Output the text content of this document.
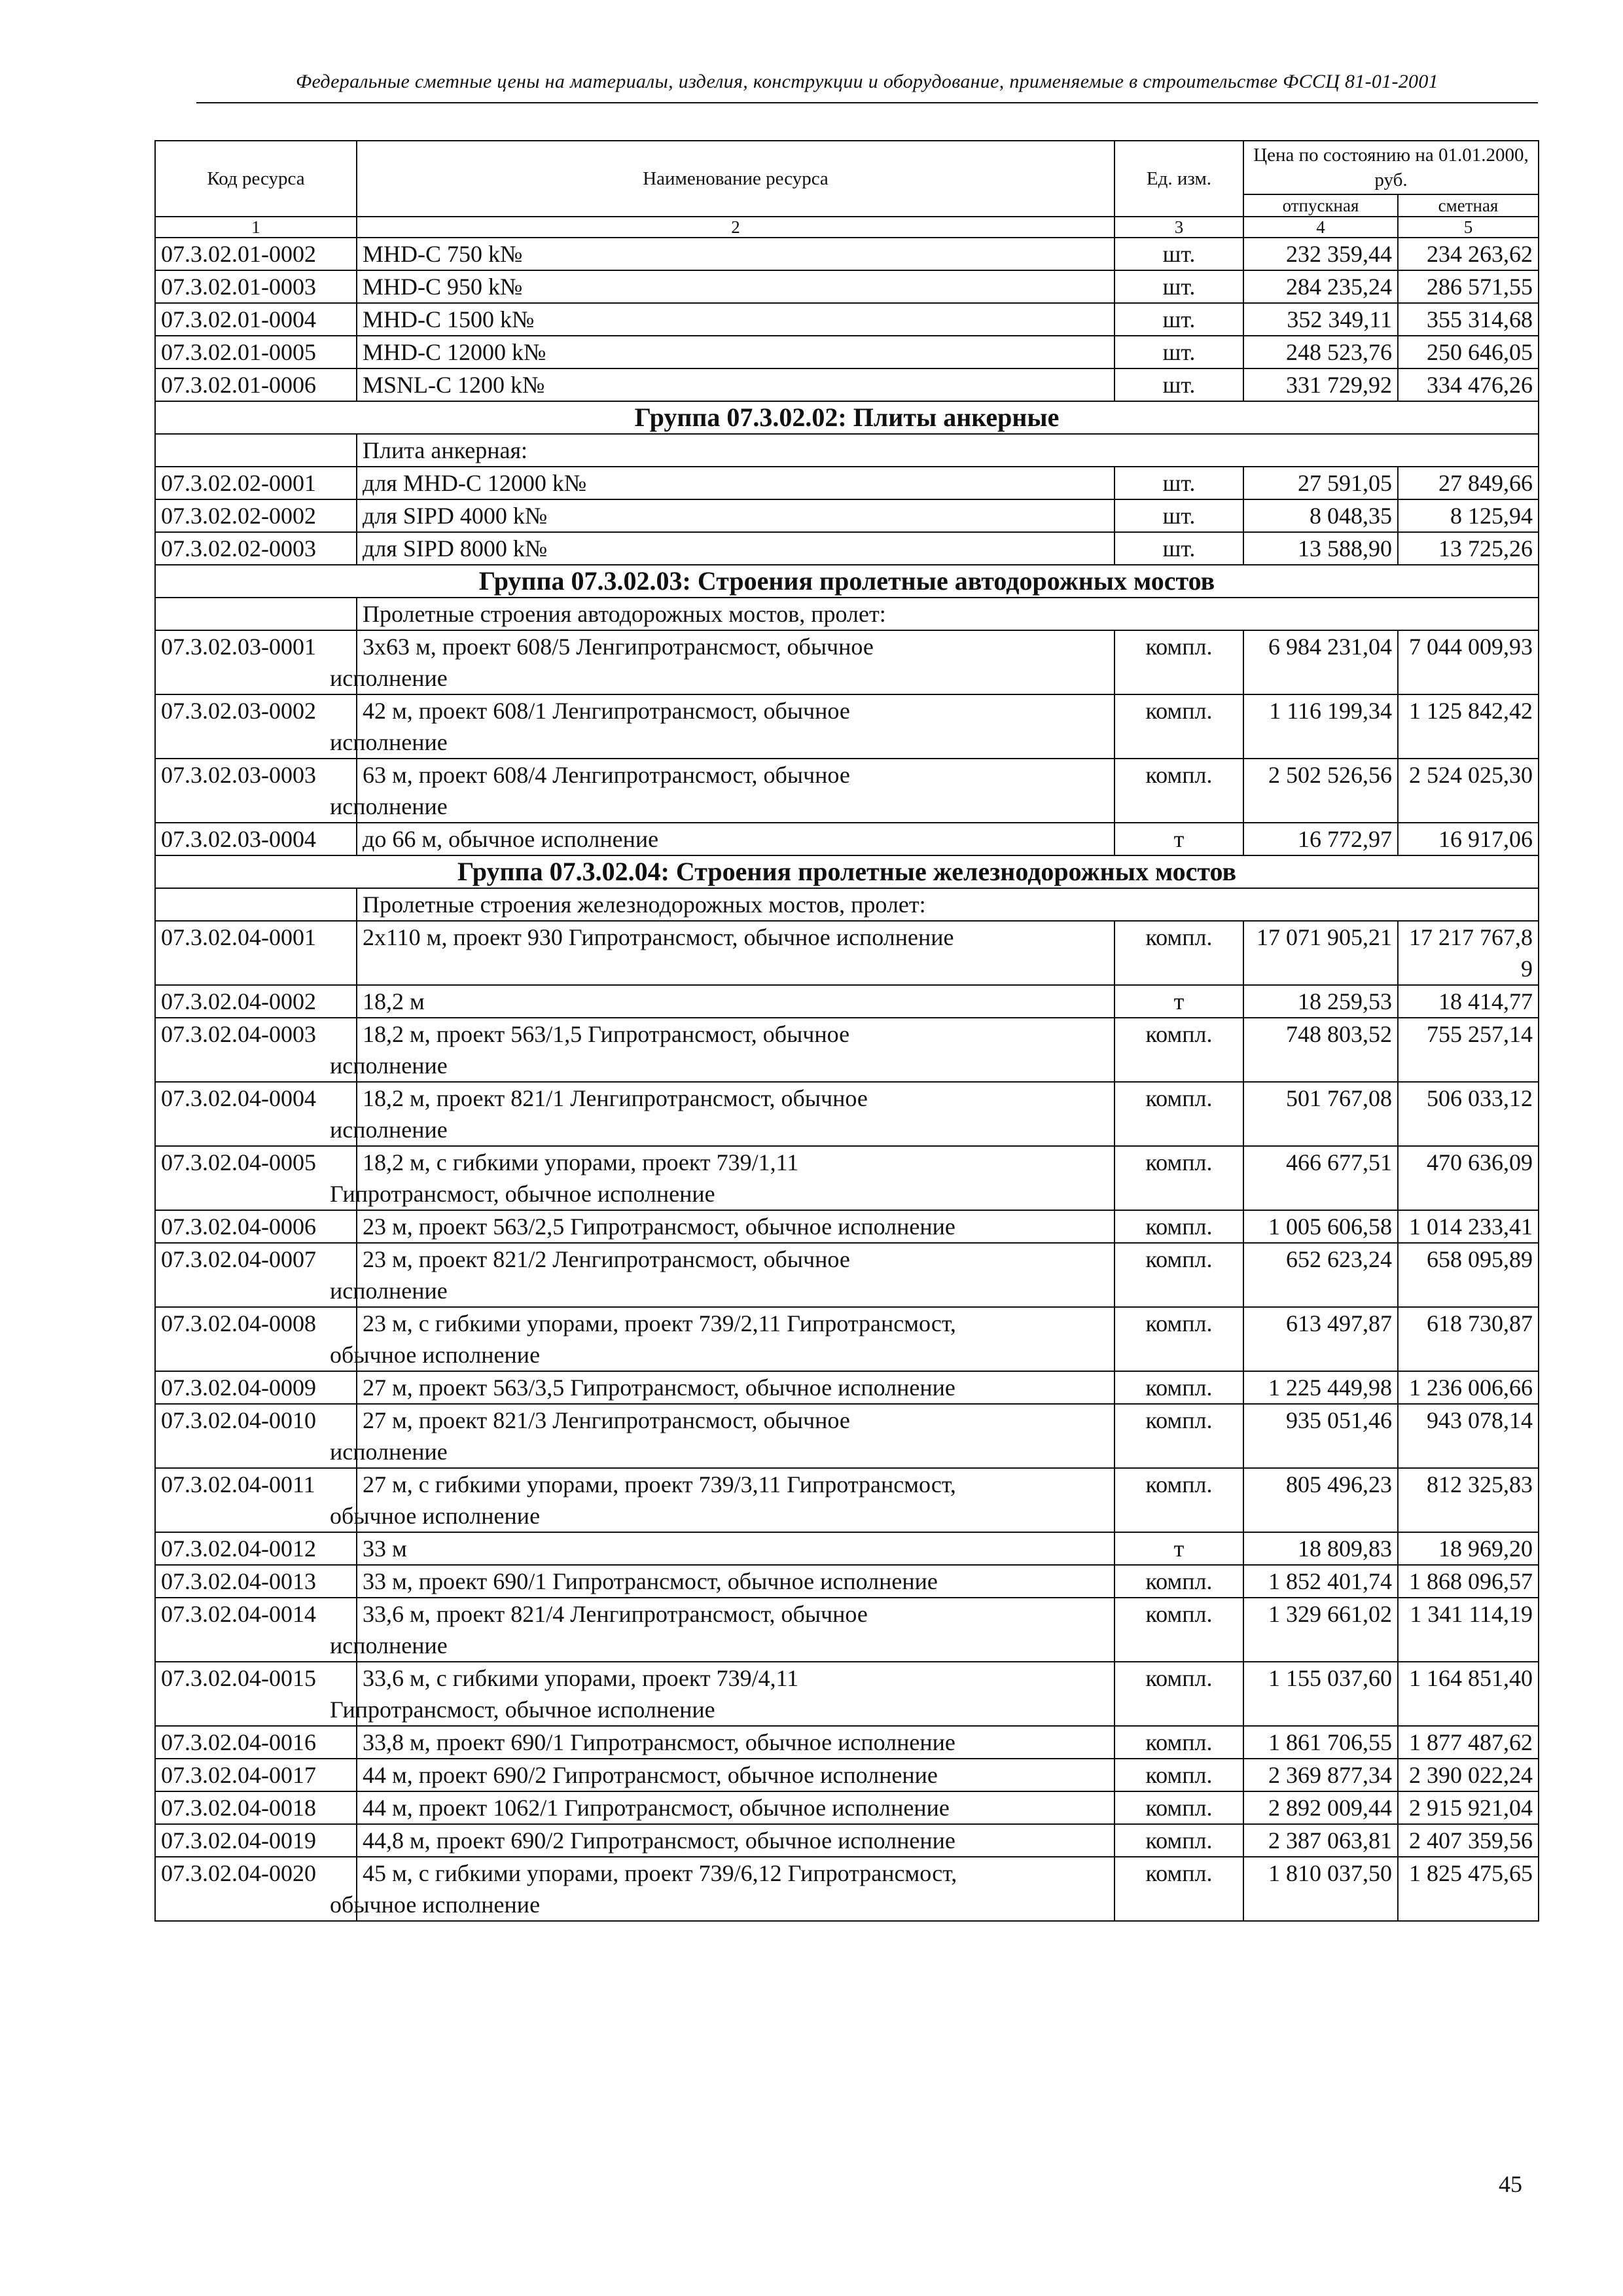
Федеральные сметные цены на материалы, изделия, конструкции и оборудование, применяемые в строительстве ФССЦ 81-01-2001
Код ресурса	Наименование ресурса	Ед. изм.	Цена по состоянию на 01.01.2000, руб.	
			отпускная	сметная
1	2	3	4	5
07.3.02.01-0002	MHD-C 750 k№	шт.	232 359,44	234 263,62
07.3.02.01-0003	MHD-C 950 k№	шт.	284 235,24	286 571,55
07.3.02.01-0004	MHD-C 1500 k№	шт.	352 349,11	355 314,68
07.3.02.01-0005	MHD-C 12000 k№	шт.	248 523,76	250 646,05
07.3.02.01-0006	MSNL-C 1200 k№	шт.	331 729,92	334 476,26
Группа 07.3.02.02: Плиты анкерные				
	Плита анкерная:			
07.3.02.02-0001	для MHD-C 12000 k№	шт.	27 591,05	27 849,66
07.3.02.02-0002	для SIPD 4000 k№	шт.	8 048,35	8 125,94
07.3.02.02-0003	для SIPD 8000 k№	шт.	13 588,90	13 725,26
Группа 07.3.02.03: Строения пролетные автодорожных мостов				
	Пролетные строения автодорожных мостов, пролет:			
07.3.02.03-0001	3х63 м, проект 608/5 Ленгипротрансмост, обычное
исполнение	компл.	6 984 231,04	7 044 009,93
07.3.02.03-0002	42 м, проект 608/1 Ленгипротрансмост, обычное
исполнение	компл.	1 116 199,34	1 125 842,42
07.3.02.03-0003	63 м, проект 608/4 Ленгипротрансмост, обычное
исполнение	компл.	2 502 526,56	2 524 025,30
07.3.02.03-0004	до 66 м, обычное исполнение	т	16 772,97	16 917,06
Группа 07.3.02.04: Строения пролетные железнодорожных мостов				
	Пролетные строения железнодорожных мостов, пролет:			
07.3.02.04-0001	2х110 м, проект 930 Гипротрансмост, обычное исполнение	компл.	17 071 905,21	17 217 767,89
07.3.02.04-0002	18,2 м	т	18 259,53	18 414,77
07.3.02.04-0003	18,2 м, проект 563/1,5 Гипротрансмост, обычное
исполнение	компл.	748 803,52	755 257,14
07.3.02.04-0004	18,2 м, проект 821/1 Ленгипротрансмост, обычное
исполнение	компл.	501 767,08	506 033,12
07.3.02.04-0005	18,2 м, с гибкими упорами, проект 739/1,11
Гипротрансмост, обычное исполнение	компл.	466 677,51	470 636,09
07.3.02.04-0006	23 м, проект 563/2,5 Гипротрансмост, обычное исполнение	компл.	1 005 606,58	1 014 233,41
07.3.02.04-0007	23 м, проект 821/2 Ленгипротрансмост, обычное
исполнение	компл.	652 623,24	658 095,89
07.3.02.04-0008	23 м, с гибкими упорами, проект 739/2,11 Гипротрансмост,
обычное исполнение	компл.	613 497,87	618 730,87
07.3.02.04-0009	27 м, проект 563/3,5 Гипротрансмост, обычное исполнение	компл.	1 225 449,98	1 236 006,66
07.3.02.04-0010	27 м, проект 821/3 Ленгипротрансмост, обычное
исполнение	компл.	935 051,46	943 078,14
07.3.02.04-0011	27 м, с гибкими упорами, проект 739/3,11 Гипротрансмост,
обычное исполнение	компл.	805 496,23	812 325,83
07.3.02.04-0012	33 м	т	18 809,83	18 969,20
07.3.02.04-0013	33 м, проект 690/1 Гипротрансмост, обычное исполнение	компл.	1 852 401,74	1 868 096,57
07.3.02.04-0014	33,6 м, проект 821/4 Ленгипротрансмост, обычное
исполнение	компл.	1 329 661,02	1 341 114,19
07.3.02.04-0015	33,6 м, с гибкими упорами, проект 739/4,11
Гипротрансмост, обычное исполнение	компл.	1 155 037,60	1 164 851,40
07.3.02.04-0016	33,8 м, проект 690/1 Гипротрансмост, обычное исполнение	компл.	1 861 706,55	1 877 487,62
07.3.02.04-0017	44 м, проект 690/2 Гипротрансмост, обычное исполнение	компл.	2 369 877,34	2 390 022,24
07.3.02.04-0018	44 м, проект 1062/1 Гипротрансмост, обычное исполнение	компл.	2 892 009,44	2 915 921,04
07.3.02.04-0019	44,8 м, проект 690/2 Гипротрансмост, обычное исполнение	компл.	2 387 063,81	2 407 359,56
07.3.02.04-0020	45 м, с гибкими упорами, проект 739/6,12 Гипротрансмост,
обычное исполнение	компл.	1 810 037,50	1 825 475,65
45
